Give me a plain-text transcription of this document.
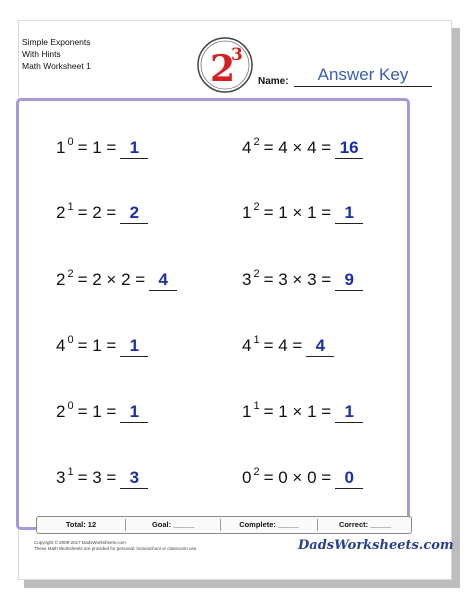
Simple Exponents
With Hints
Math Worksheet 1	2
3
Name:	Answer Key
1 $^0$ = 1 = 1	4 $^2$ = 4 × 4 = 16
2 $^1$ = 2 = 2	1 $^2$ = 1 × 1 = 1
2 $^2$ = 2 × 2 = 4	3 $^2$ = 3 × 3 = 9
4 $^0$ = 1 = 1	4 $^1$ = 4 = 4
2 $^0$ = 1 = 1	1 $^1$ = 1 × 1 = 1
3 $^1$ = 3 = 3	0 $^2$ = 0 × 0 = 0
Total: 12	Goal: _____	Complete: _____	Correct: _____
Copyright © 2008-2017 DadsWorksheets.com
These Math Worksheets are provided for personal, homeschool or classroom use.	DadsWorksheets.com
